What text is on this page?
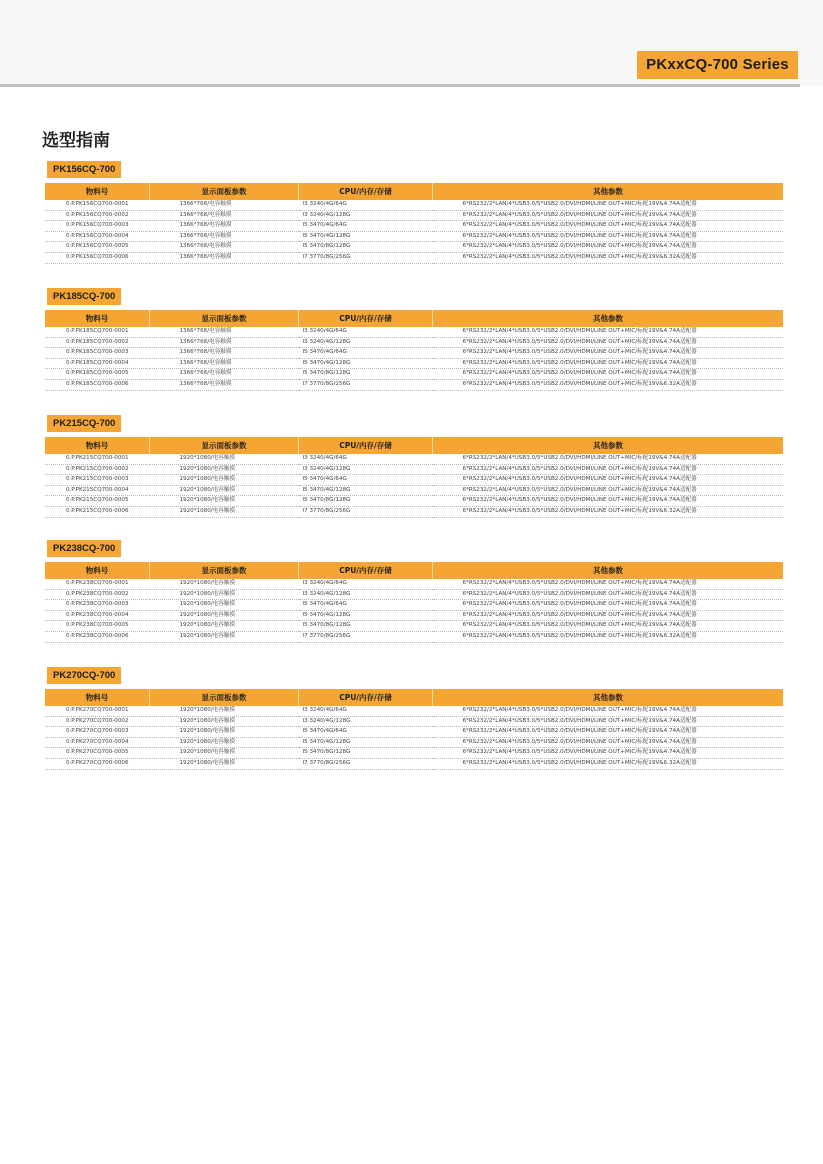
PKxxCQ-700 Series
选型指南
PK156CQ-700
物料号	显示面板参数	CPU/内存/存储	其他参数
0.P.PK156CQ700-0001	1366*768/电容触摸	I3 3240/4G/64G	6*RS232/2*LAN/4*USB3.0/5*USB2.0/DVI/HDMI/LINE OUT+MIC/标配19V&4.74A适配器
0.P.PK156CQ700-0002	1366*768/电容触摸	I3 3240/4G/128G	6*RS232/2*LAN/4*USB3.0/5*USB2.0/DVI/HDMI/LINE OUT+MIC/标配19V&4.74A适配器
0.P.PK156CQ700-0003	1366*768/电容触摸	I5 3470/4G/64G	6*RS232/2*LAN/4*USB3.0/5*USB2.0/DVI/HDMI/LINE OUT+MIC/标配19V&4.74A适配器
0.P.PK156CQ700-0004	1366*768/电容触摸	I5 3470/4G/128G	6*RS232/2*LAN/4*USB3.0/5*USB2.0/DVI/HDMI/LINE OUT+MIC/标配19V&4.74A适配器
0.P.PK156CQ700-0005	1366*768/电容触摸	I5 3470/8G/128G	6*RS232/2*LAN/4*USB3.0/5*USB2.0/DVI/HDMI/LINE OUT+MIC/标配19V&4.74A适配器
0.P.PK156CQ700-0006	1366*768/电容触摸	I7 3770/8G/256G	6*RS232/2*LAN/4*USB3.0/5*USB2.0/DVI/HDMI/LINE OUT+MIC/标配19V&6.32A适配器
PK185CQ-700
物料号	显示面板参数	CPU/内存/存储	其他参数
0.P.PK185CQ700-0001	1366*768/电容触摸	I3 3240/4G/64G	6*RS232/2*LAN/4*USB3.0/5*USB2.0/DVI/HDMI/LINE OUT+MIC/标配19V&4.74A适配器
0.P.PK185CQ700-0002	1366*768/电容触摸	I3 3240/4G/128G	6*RS232/2*LAN/4*USB3.0/5*USB2.0/DVI/HDMI/LINE OUT+MIC/标配19V&4.74A适配器
0.P.PK185CQ700-0003	1366*768/电容触摸	I5 3470/4G/64G	6*RS232/2*LAN/4*USB3.0/5*USB2.0/DVI/HDMI/LINE OUT+MIC/标配19V&4.74A适配器
0.P.PK185CQ700-0004	1366*768/电容触摸	I5 3470/4G/128G	6*RS232/2*LAN/4*USB3.0/5*USB2.0/DVI/HDMI/LINE OUT+MIC/标配19V&4.74A适配器
0.P.PK185CQ700-0005	1366*768/电容触摸	I5 3470/8G/128G	6*RS232/2*LAN/4*USB3.0/5*USB2.0/DVI/HDMI/LINE OUT+MIC/标配19V&4.74A适配器
0.P.PK185CQ700-0006	1366*768/电容触摸	I7 3770/8G/256G	6*RS232/2*LAN/4*USB3.0/5*USB2.0/DVI/HDMI/LINE OUT+MIC/标配19V&6.32A适配器
PK215CQ-700
物料号	显示面板参数	CPU/内存/存储	其他参数
0.P.PK215CQ700-0001	1920*1080/电容触摸	I3 3240/4G/64G	6*RS232/2*LAN/4*USB3.0/5*USB2.0/DVI/HDMI/LINE OUT+MIC/标配19V&4.74A适配器
0.P.PK215CQ700-0002	1920*1080/电容触摸	I3 3240/4G/128G	6*RS232/2*LAN/4*USB3.0/5*USB2.0/DVI/HDMI/LINE OUT+MIC/标配19V&4.74A适配器
0.P.PK215CQ700-0003	1920*1080/电容触摸	I5 3470/4G/64G	6*RS232/2*LAN/4*USB3.0/5*USB2.0/DVI/HDMI/LINE OUT+MIC/标配19V&4.74A适配器
0.P.PK215CQ700-0004	1920*1080/电容触摸	I5 3470/4G/128G	6*RS232/2*LAN/4*USB3.0/5*USB2.0/DVI/HDMI/LINE OUT+MIC/标配19V&4.74A适配器
0.P.PK215CQ700-0005	1920*1080/电容触摸	I5 3470/8G/128G	6*RS232/2*LAN/4*USB3.0/5*USB2.0/DVI/HDMI/LINE OUT+MIC/标配19V&4.74A适配器
0.P.PK215CQ700-0006	1920*1080/电容触摸	I7 3770/8G/256G	6*RS232/2*LAN/4*USB3.0/5*USB2.0/DVI/HDMI/LINE OUT+MIC/标配19V&6.32A适配器
PK238CQ-700
物料号	显示面板参数	CPU/内存/存储	其他参数
0.P.PK238CQ700-0001	1920*1080/电容触摸	I3 3240/4G/64G	6*RS232/2*LAN/4*USB3.0/5*USB2.0/DVI/HDMI/LINE OUT+MIC/标配19V&4.74A适配器
0.P.PK238CQ700-0002	1920*1080/电容触摸	I3 3240/4G/128G	6*RS232/2*LAN/4*USB3.0/5*USB2.0/DVI/HDMI/LINE OUT+MIC/标配19V&4.74A适配器
0.P.PK238CQ700-0003	1920*1080/电容触摸	I5 3470/4G/64G	6*RS232/2*LAN/4*USB3.0/5*USB2.0/DVI/HDMI/LINE OUT+MIC/标配19V&4.74A适配器
0.P.PK238CQ700-0004	1920*1080/电容触摸	I5 3470/4G/128G	6*RS232/2*LAN/4*USB3.0/5*USB2.0/DVI/HDMI/LINE OUT+MIC/标配19V&4.74A适配器
0.P.PK238CQ700-0005	1920*1080/电容触摸	I5 3470/8G/128G	6*RS232/2*LAN/4*USB3.0/5*USB2.0/DVI/HDMI/LINE OUT+MIC/标配19V&4.74A适配器
0.P.PK238CQ700-0006	1920*1080/电容触摸	I7 3770/8G/256G	6*RS232/2*LAN/4*USB3.0/5*USB2.0/DVI/HDMI/LINE OUT+MIC/标配19V&6.32A适配器
PK270CQ-700
物料号	显示面板参数	CPU/内存/存储	其他参数
0.P.PK270CQ700-0001	1920*1080/电容触摸	I3 3240/4G/64G	6*RS232/2*LAN/4*USB3.0/5*USB2.0/DVI/HDMI/LINE OUT+MIC/标配19V&4.74A适配器
0.P.PK270CQ700-0002	1920*1080/电容触摸	I3 3240/4G/128G	6*RS232/2*LAN/4*USB3.0/5*USB2.0/DVI/HDMI/LINE OUT+MIC/标配19V&4.74A适配器
0.P.PK270CQ700-0003	1920*1080/电容触摸	I5 3470/4G/64G	6*RS232/2*LAN/4*USB3.0/5*USB2.0/DVI/HDMI/LINE OUT+MIC/标配19V&4.74A适配器
0.P.PK270CQ700-0004	1920*1080/电容触摸	I5 3470/4G/128G	6*RS232/2*LAN/4*USB3.0/5*USB2.0/DVI/HDMI/LINE OUT+MIC/标配19V&4.74A适配器
0.P.PK270CQ700-0005	1920*1080/电容触摸	I5 3470/8G/128G	6*RS232/2*LAN/4*USB3.0/5*USB2.0/DVI/HDMI/LINE OUT+MIC/标配19V&4.74A适配器
0.P.PK270CQ700-0006	1920*1080/电容触摸	I7 3770/8G/256G	6*RS232/2*LAN/4*USB3.0/5*USB2.0/DVI/HDMI/LINE OUT+MIC/标配19V&6.32A适配器
